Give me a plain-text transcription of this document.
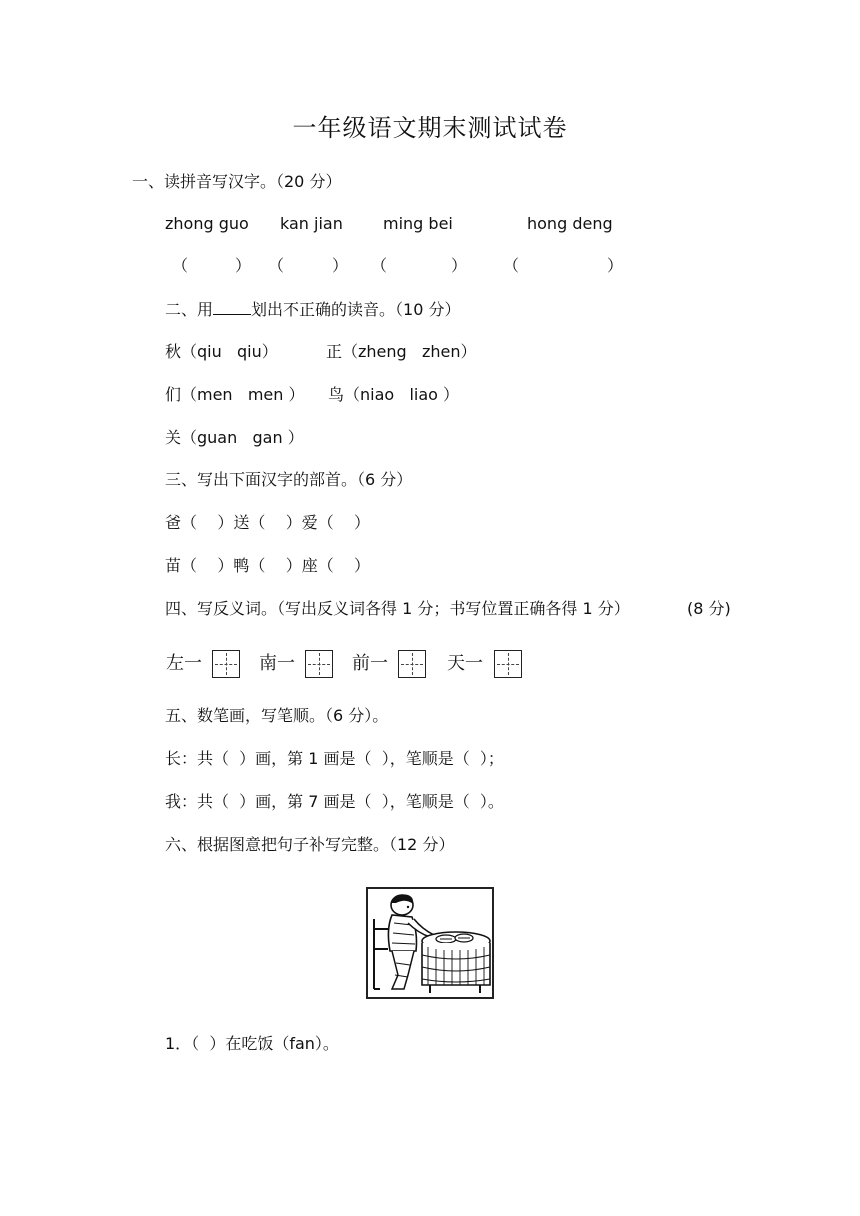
一年级语文期末测试试卷
一、读拼音写汉字。（20 分）
zhong guo kan jian	ming bei	hong deng
（	） （	） （	） （	）
二、用 划出不正确的读音。（10 分）
秋（qiu   qiu）	正（zheng   zhen）
们（men   men ） 鸟（niao   liao ）
关（guan   gan ）
三、写出下面汉字的部首。（6 分）
爸（    ）送（    ）爱（    ）
苗（    ）鸭（    ）座（    ）
四、写反义词。（写出反义词各得 1 分；书写位置正确各得 1 分）	(8 分)
左一	南一	前一	天一
五、数笔画，写笔顺。（6 分）。
长：共（  ）画，第 1 画是（  ），笔顺是（  ）；
我：共（  ）画，第 7 画是（  ），笔顺是（  ）。
六、根据图意把句子补写完整。（12 分）
1．（  ）在吃饭（fan）。
